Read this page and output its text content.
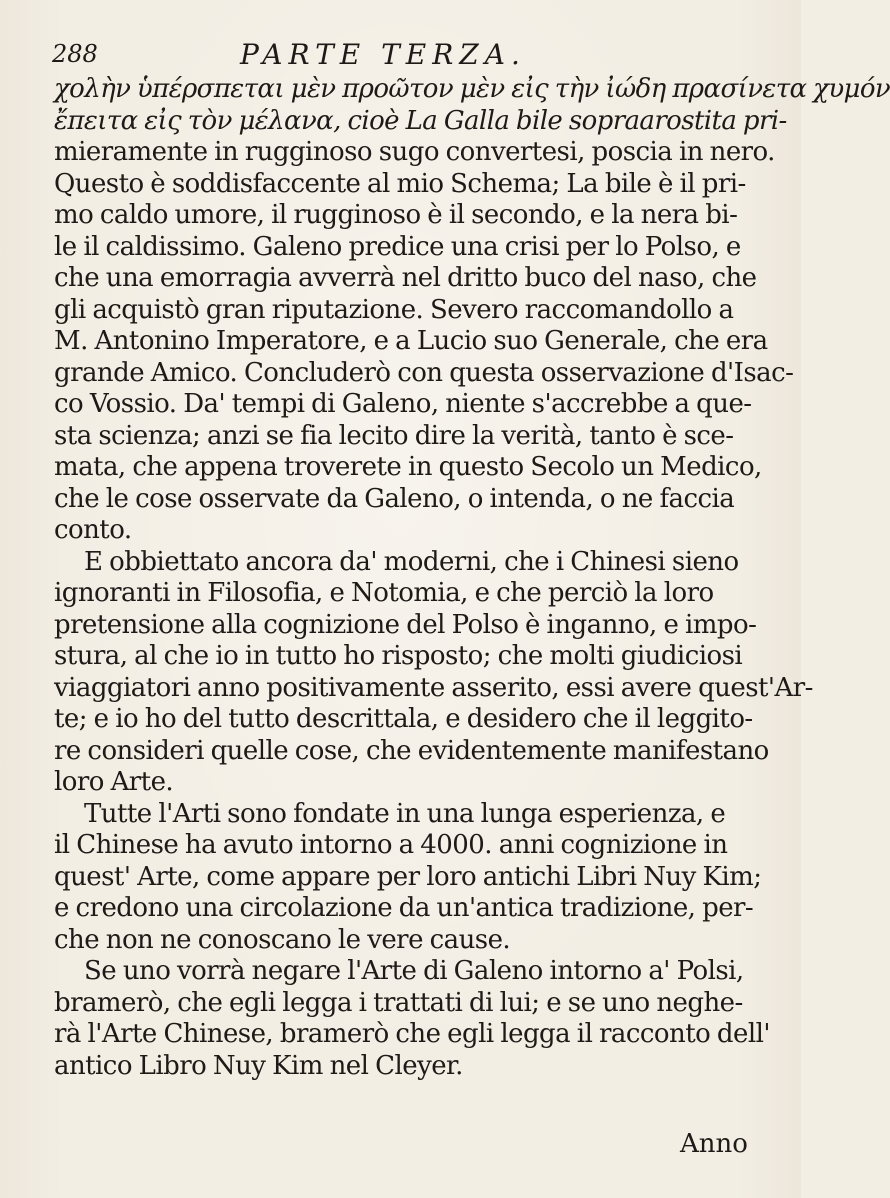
288	PARTE TERZA.
χολὴν ὑπέρσπεται μὲν προῶτον μὲν εἰς τὴν ἰώδη πρασίνετα χυμόν
ἔπειτα εἰς τὸν μέλανα, cioè La Galla bile sopraarostita pri-
mieramente in rugginoso sugo convertesi, poscia in nero.
Questo è soddisfaccente al mio Schema; La bile è il pri-
mo caldo umore, il rugginoso è il secondo, e la nera bi-
le il caldissimo. Galeno predice una crisi per lo Polso, e
che una emorragia avverrà nel dritto buco del naso, che
gli acquistò gran riputazione. Severo raccomandollo a
M. Antonino Imperatore, e a Lucio suo Generale, che era
grande Amico. Concluderò con questa osservazione d'Isac-
co Vossio. Da' tempi di Galeno, niente s'accrebbe a que-
sta scienza; anzi se fia lecito dire la verità, tanto è sce-
mata, che appena troverete in questo Secolo un Medico,
che le cose osservate da Galeno, o intenda, o ne faccia
conto.
E obbiettato ancora da' moderni, che i Chinesi sieno
ignoranti in Filosofia, e Notomia, e che perciò la loro
pretensione alla cognizione del Polso è inganno, e impo-
stura, al che io in tutto ho risposto; che molti giudiciosi
viaggiatori anno positivamente asserito, essi avere quest'Ar-
te; e io ho del tutto descrittala, e desidero che il leggito-
re consideri quelle cose, che evidentemente manifestano
loro Arte.
Tutte l'Arti sono fondate in una lunga esperienza, e
il Chinese ha avuto intorno a 4000. anni cognizione in
quest' Arte, come appare per loro antichi Libri Nuy Kim;
e credono una circolazione da un'antica tradizione, per-
che non ne conoscano le vere cause.
Se uno vorrà negare l'Arte di Galeno intorno a' Polsi,
bramerò, che egli legga i trattati di lui; e se uno neghe-
rà l'Arte Chinese, bramerò che egli legga il racconto dell'
antico Libro Nuy Kim nel Cleyer.
Anno
